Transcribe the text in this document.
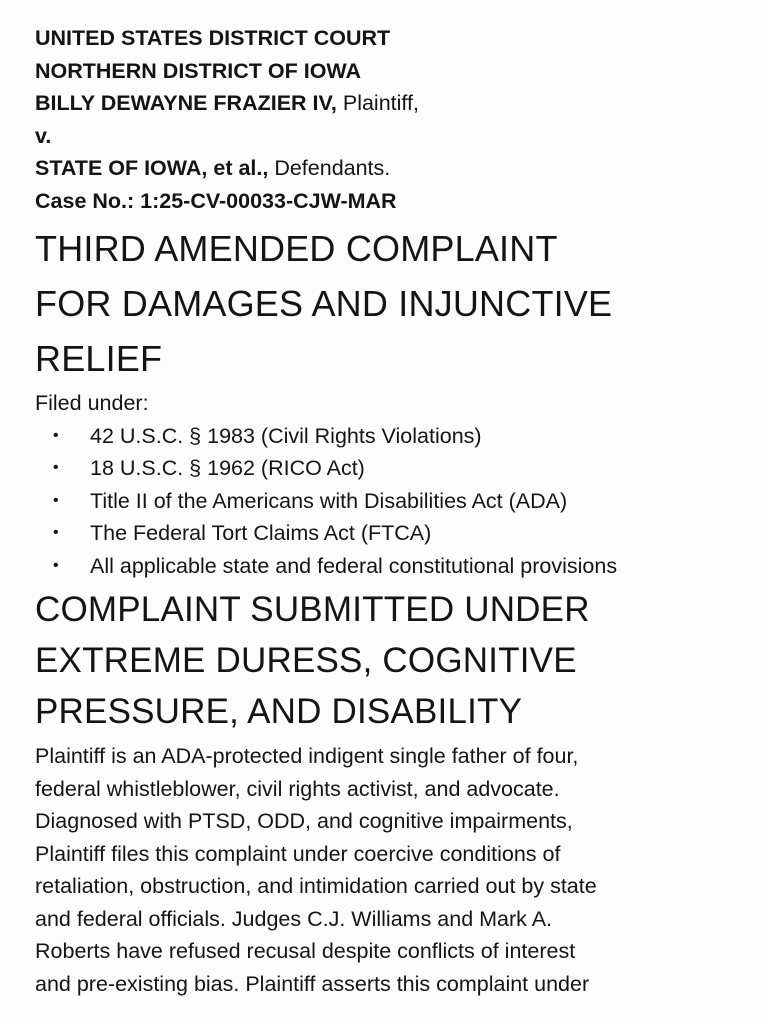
UNITED STATES DISTRICT COURT
NORTHERN DISTRICT OF IOWA
BILLY DEWAYNE FRAZIER IV, Plaintiff,
v.
STATE OF IOWA, et al., Defendants.
Case No.: 1:25-CV-00033-CJW-MAR
THIRD AMENDED COMPLAINT
FOR DAMAGES AND INJUNCTIVE
RELIEF
Filed under:
• 42 U.S.C. § 1983 (Civil Rights Violations)
• 18 U.S.C. § 1962 (RICO Act)
• Title II of the Americans with Disabilities Act (ADA)
• The Federal Tort Claims Act (FTCA)
• All applicable state and federal constitutional provisions
COMPLAINT SUBMITTED UNDER
EXTREME DURESS, COGNITIVE
PRESSURE, AND DISABILITY
Plaintiff is an ADA-protected indigent single father of four,
federal whistleblower, civil rights activist, and advocate.
Diagnosed with PTSD, ODD, and cognitive impairments,
Plaintiff files this complaint under coercive conditions of
retaliation, obstruction, and intimidation carried out by state
and federal officials. Judges C.J. Williams and Mark A.
Roberts have refused recusal despite conflicts of interest
and pre-existing bias. Plaintiff asserts this complaint under
